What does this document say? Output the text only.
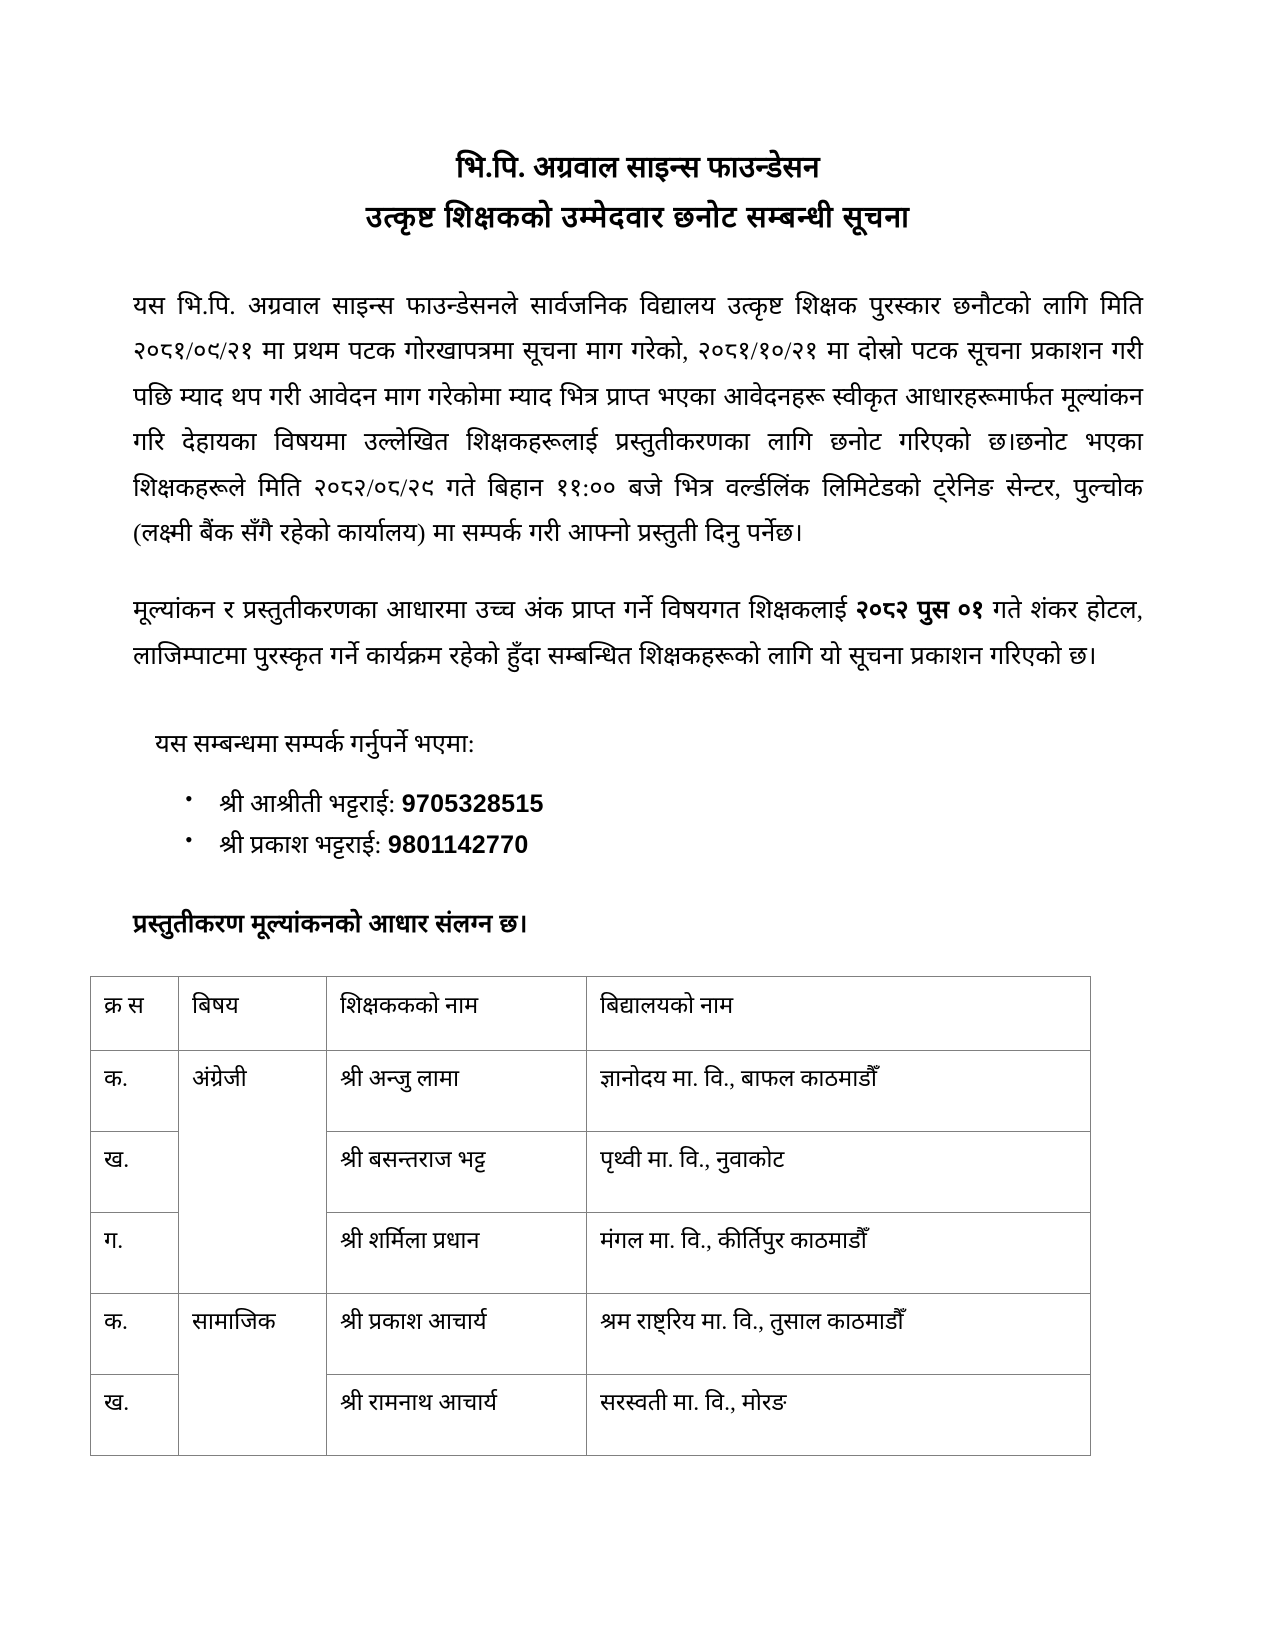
भि.पि. अग्रवाल साइन्स फाउन्डेसन
उत्कृष्ट शिक्षकको उम्मेदवार छनोट सम्बन्धी सूचना

यस भि.पि. अग्रवाल साइन्स फाउन्डेसनले सार्वजनिक विद्यालय उत्कृष्ट शिक्षक पुरस्कार छनौटको लागि मिति २०८१/०९/२१ मा प्रथम पटक गोरखापत्रमा सूचना माग गरेको, २०८१/१०/२१ मा दोस्रो पटक सूचना प्रकाशन गरी पछि म्याद थप गरी आवेदन माग गरेकोमा म्याद भित्र प्राप्त भएका आवेदनहरू स्वीकृत आधारहरूमार्फत मूल्यांकन गरि देहायका विषयमा उल्लेखित शिक्षकहरूलाई प्रस्तुतीकरणका लागि छनोट गरिएको छ।छनोट भएका शिक्षकहरूले मिति २०८२/०८/२९ गते बिहान ११:०० बजे भित्र वर्ल्डलिंक लिमिटेडको ट्रेनिङ सेन्टर, पुल्चोक (लक्ष्मी बैंक सँगै रहेको कार्यालय) मा सम्पर्क गरी आफ्नो प्रस्तुती दिनु पर्नेछ।

मूल्यांकन र प्रस्तुतीकरणका आधारमा उच्च अंक प्राप्त गर्ने विषयगत शिक्षकलाई २०८२ पुस ०१ गते शंकर होटल, लाजिम्पाटमा पुरस्कृत गर्ने कार्यक्रम रहेको हुँदा सम्बन्धित शिक्षकहरूको लागि यो सूचना प्रकाशन गरिएको छ।

यस सम्बन्धमा सम्पर्क गर्नुपर्ने भएमा:

• श्री आश्रीती भट्टराई: 9705328515
• श्री प्रकाश भट्टराई: 9801142770

प्रस्तुतीकरण मूल्यांकनको आधार संलग्न छ।

क्र स	बिषय	शिक्षककको नाम	बिद्यालयको नाम
क.	अंग्रेजी	श्री अन्जु लामा	ज्ञानोदय मा. वि., बाफल काठमाडौँ
ख.		श्री बसन्तराज भट्ट	पृथ्वी मा. वि., नुवाकोट
ग.		श्री शर्मिला प्रधान	मंगल मा. वि., कीर्तिपुर काठमाडौँ
क.	सामाजिक	श्री प्रकाश आचार्य	श्रम राष्ट्रिय मा. वि., तुसाल काठमाडौँ
ख.		श्री रामनाथ आचार्य	सरस्वती मा. वि., मोरङ
